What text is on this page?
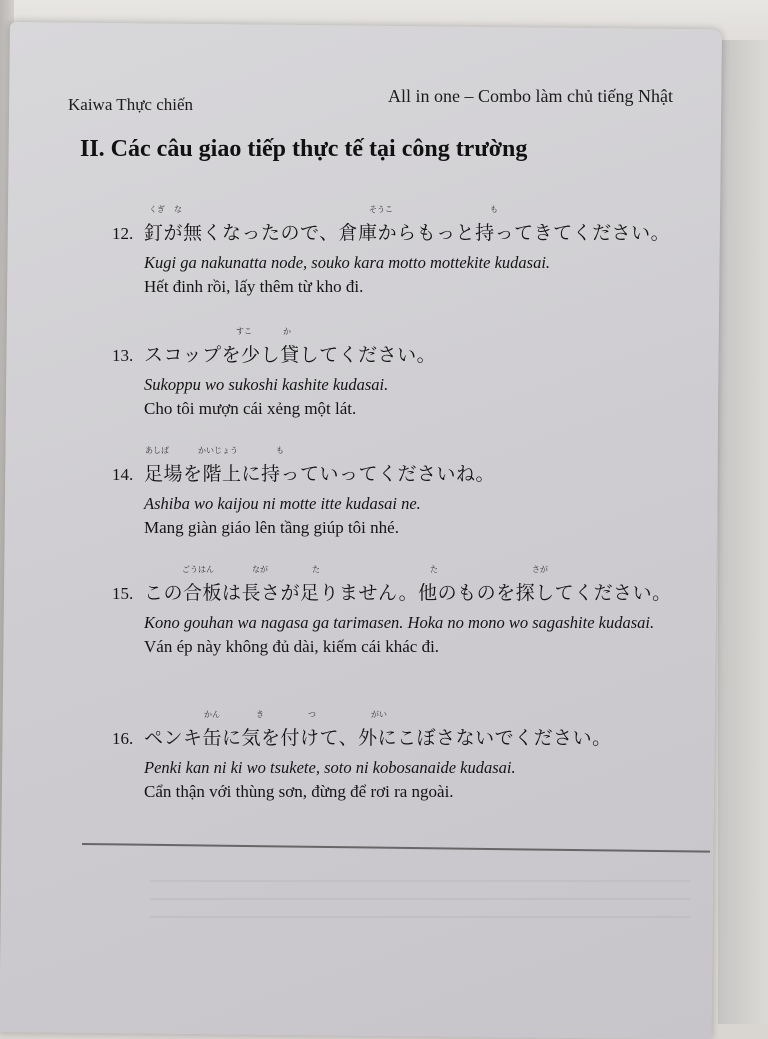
Kaiwa Thực chiến	All in one – Combo làm chủ tiếng Nhật
II. Các câu giao tiếp thực tế tại công trường
くぎ な	そうこ	も
12. 釘が無くなったので、倉庫からもっと持ってきてください。
Kugi ga nakunatta node, souko kara motto mottekite kudasai.
Hết đinh rồi, lấy thêm từ kho đi.
すこ	か
13. スコップを少し貸してください。
Sukoppu wo sukoshi kashite kudasai.
Cho tôi mượn cái xẻng một lát.
あしば	かいじょう	も
14. 足場を階上に持っていってくださいね。
Ashiba wo kaijou ni motte itte kudasai ne.
Mang giàn giáo lên tầng giúp tôi nhé.
ごうはん	なが	た	た	さが
15. この合板は長さが足りません。他のものを探してください。
Kono gouhan wa nagasa ga tarimasen. Hoka no mono wo sagashite kudasai.
Ván ép này không đủ dài, kiếm cái khác đi.
かん	き	つ	がい
16. ペンキ缶に気を付けて、外にこぼさないでください。
Penki kan ni ki wo tsukete, soto ni kobosanaide kudasai.
Cẩn thận với thùng sơn, đừng để rơi ra ngoài.
